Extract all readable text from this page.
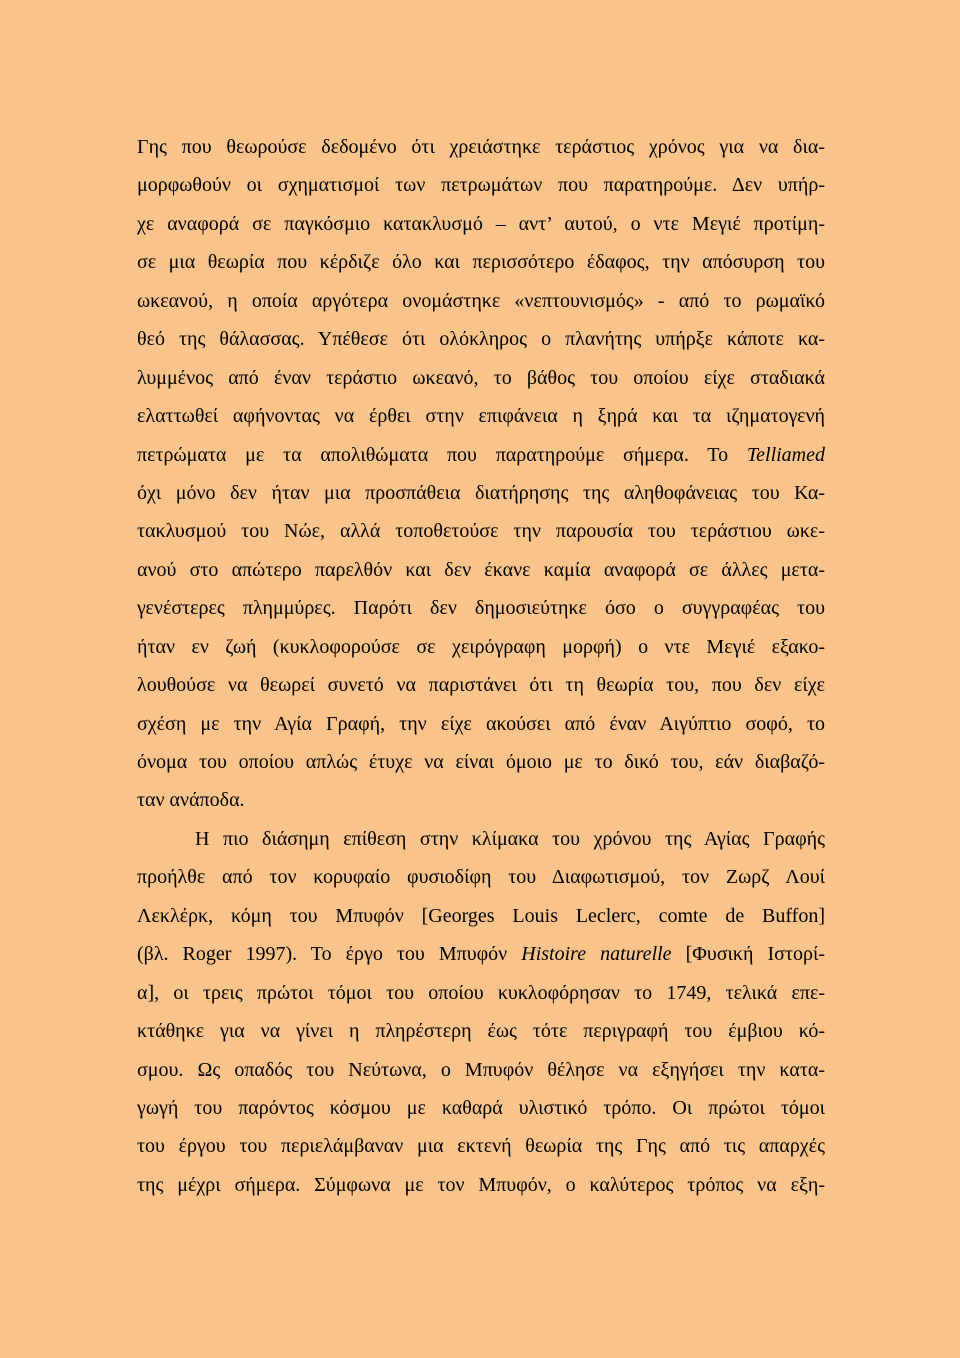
Γης που θεωρούσε δεδομένο ότι χρειάστηκε τεράστιος χρόνος για να δια-
μορφωθούν οι σχηματισμοί των πετρωμάτων που παρατηρούμε. Δεν υπήρ-
χε αναφορά σε παγκόσμιο κατακλυσμό – αντ’ αυτού, ο ντε Μεγιέ προτίμη-
σε μια θεωρία που κέρδιζε όλο και περισσότερο έδαφος, την απόσυρση του
ωκεανού, η οποία αργότερα ονομάστηκε «νεπτουνισμός» - από το ρωμαϊκό
θεό της θάλασσας. Υπέθεσε ότι ολόκληρος ο πλανήτης υπήρξε κάποτε κα-
λυμμένος από έναν τεράστιο ωκεανό, το βάθος του οποίου είχε σταδιακά
ελαττωθεί αφήνοντας να έρθει στην επιφάνεια η ξηρά και τα ιζηματογενή
πετρώματα με τα απολιθώματα που παρατηρούμε σήμερα. Το Telliamed
όχι μόνο δεν ήταν μια προσπάθεια διατήρησης της αληθοφάνειας του Κα-
τακλυσμού του Νώε, αλλά τοποθετούσε την παρουσία του τεράστιου ωκε-
ανού στο απώτερο παρελθόν και δεν έκανε καμία αναφορά σε άλλες μετα-
γενέστερες πλημμύρες. Παρότι δεν δημοσιεύτηκε όσο ο συγγραφέας του
ήταν εν ζωή (κυκλοφορούσε σε χειρόγραφη μορφή) ο ντε Μεγιέ εξακο-
λουθούσε να θεωρεί συνετό να παριστάνει ότι τη θεωρία του, που δεν είχε
σχέση με την Αγία Γραφή, την είχε ακούσει από έναν Αιγύπτιο σοφό, το
όνομα του οποίου απλώς έτυχε να είναι όμοιο με το δικό του, εάν διαβαζό-
ταν ανάποδα.
Η πιο διάσημη επίθεση στην κλίμακα του χρόνου της Αγίας Γραφής
προήλθε από τον κορυφαίο φυσιοδίφη του Διαφωτισμού, τον Ζωρζ Λουί
Λεκλέρκ, κόμη του Μπυφόν [Georges Louis Leclerc, comte de Buffon]
(βλ. Roger 1997). Το έργο του Μπυφόν Histoire naturelle [Φυσική Ιστορί-
α], οι τρεις πρώτοι τόμοι του οποίου κυκλοφόρησαν το 1749, τελικά επε-
κτάθηκε για να γίνει η πληρέστερη έως τότε περιγραφή του έμβιου κό-
σμου. Ως οπαδός του Νεύτωνα, ο Μπυφόν θέλησε να εξηγήσει την κατα-
γωγή του παρόντος κόσμου με καθαρά υλιστικό τρόπο. Οι πρώτοι τόμοι
του έργου του περιελάμβαναν μια εκτενή θεωρία της Γης από τις απαρχές
της μέχρι σήμερα. Σύμφωνα με τον Μπυφόν, ο καλύτερος τρόπος να εξη-
